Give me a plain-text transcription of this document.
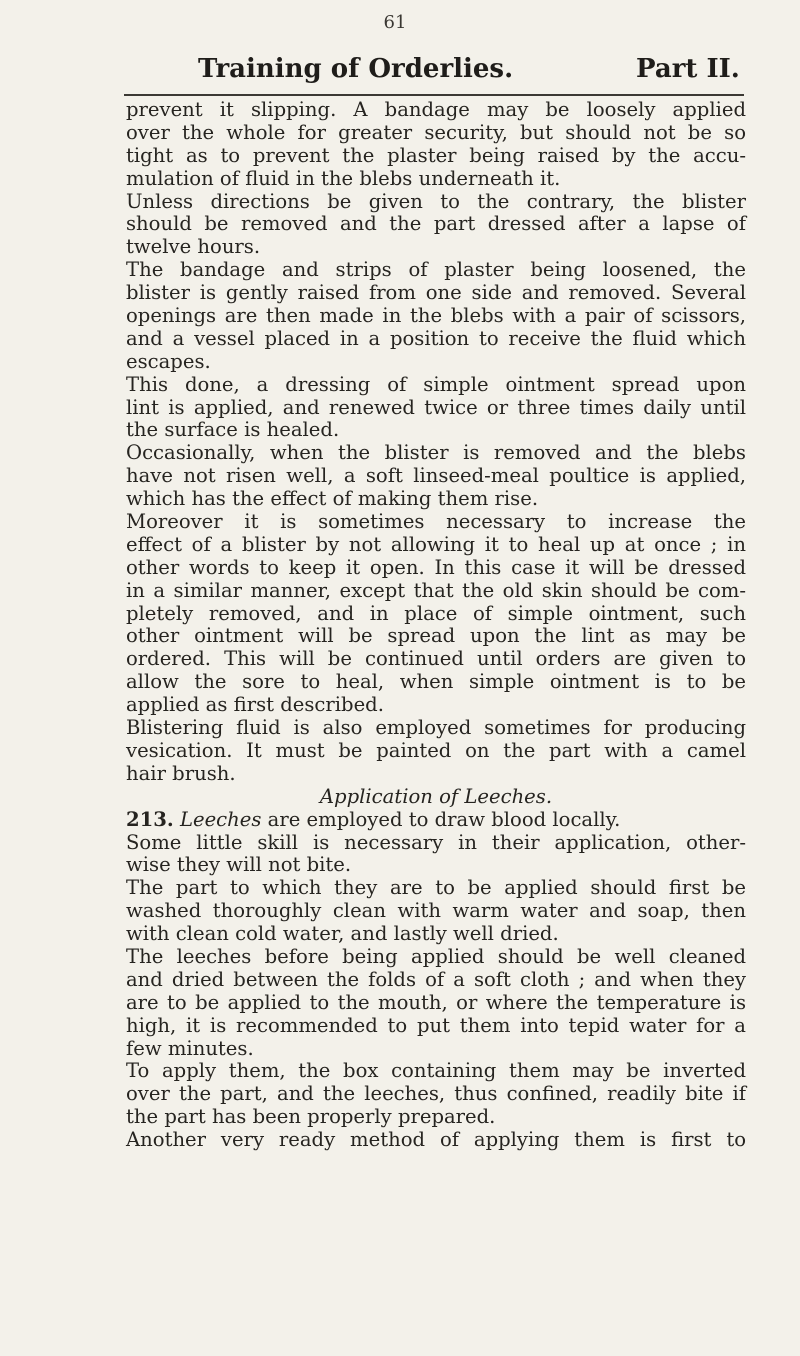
61
Training of Orderlies.	Part II.
prevent it slipping. A bandage may be loosely applied
over the whole for greater security, but should not be so
tight as to prevent the plaster being raised by the accu-
mulation of fluid in the blebs underneath it.
Unless directions be given to the contrary, the blister
should be removed and the part dressed after a lapse of
twelve hours.
The bandage and strips of plaster being loosened, the
blister is gently raised from one side and removed. Several
openings are then made in the blebs with a pair of scissors,
and a vessel placed in a position to receive the fluid which
escapes.
This done, a dressing of simple ointment spread upon
lint is applied, and renewed twice or three times daily until
the surface is healed.
Occasionally, when the blister is removed and the blebs
have not risen well, a soft linseed-meal poultice is applied,
which has the effect of making them rise.
Moreover it is sometimes necessary to increase the
effect of a blister by not allowing it to heal up at once ; in
other words to keep it open. In this case it will be dressed
in a similar manner, except that the old skin should be com-
pletely removed, and in place of simple ointment, such
other ointment will be spread upon the lint as may be
ordered. This will be continued until orders are given to
allow the sore to heal, when simple ointment is to be
applied as first described.
Blistering fluid is also employed sometimes for producing
vesication. It must be painted on the part with a camel
hair brush.
Application of Leeches.
213. Leeches are employed to draw blood locally.
Some little skill is necessary in their application, other-
wise they will not bite.
The part to which they are to be applied should first be
washed thoroughly clean with warm water and soap, then
with clean cold water, and lastly well dried.
The leeches before being applied should be well cleaned
and dried between the folds of a soft cloth ; and when they
are to be applied to the mouth, or where the temperature is
high, it is recommended to put them into tepid water for a
few minutes.
To apply them, the box containing them may be inverted
over the part, and the leeches, thus confined, readily bite if
the part has been properly prepared.
Another very ready method of applying them is first to
